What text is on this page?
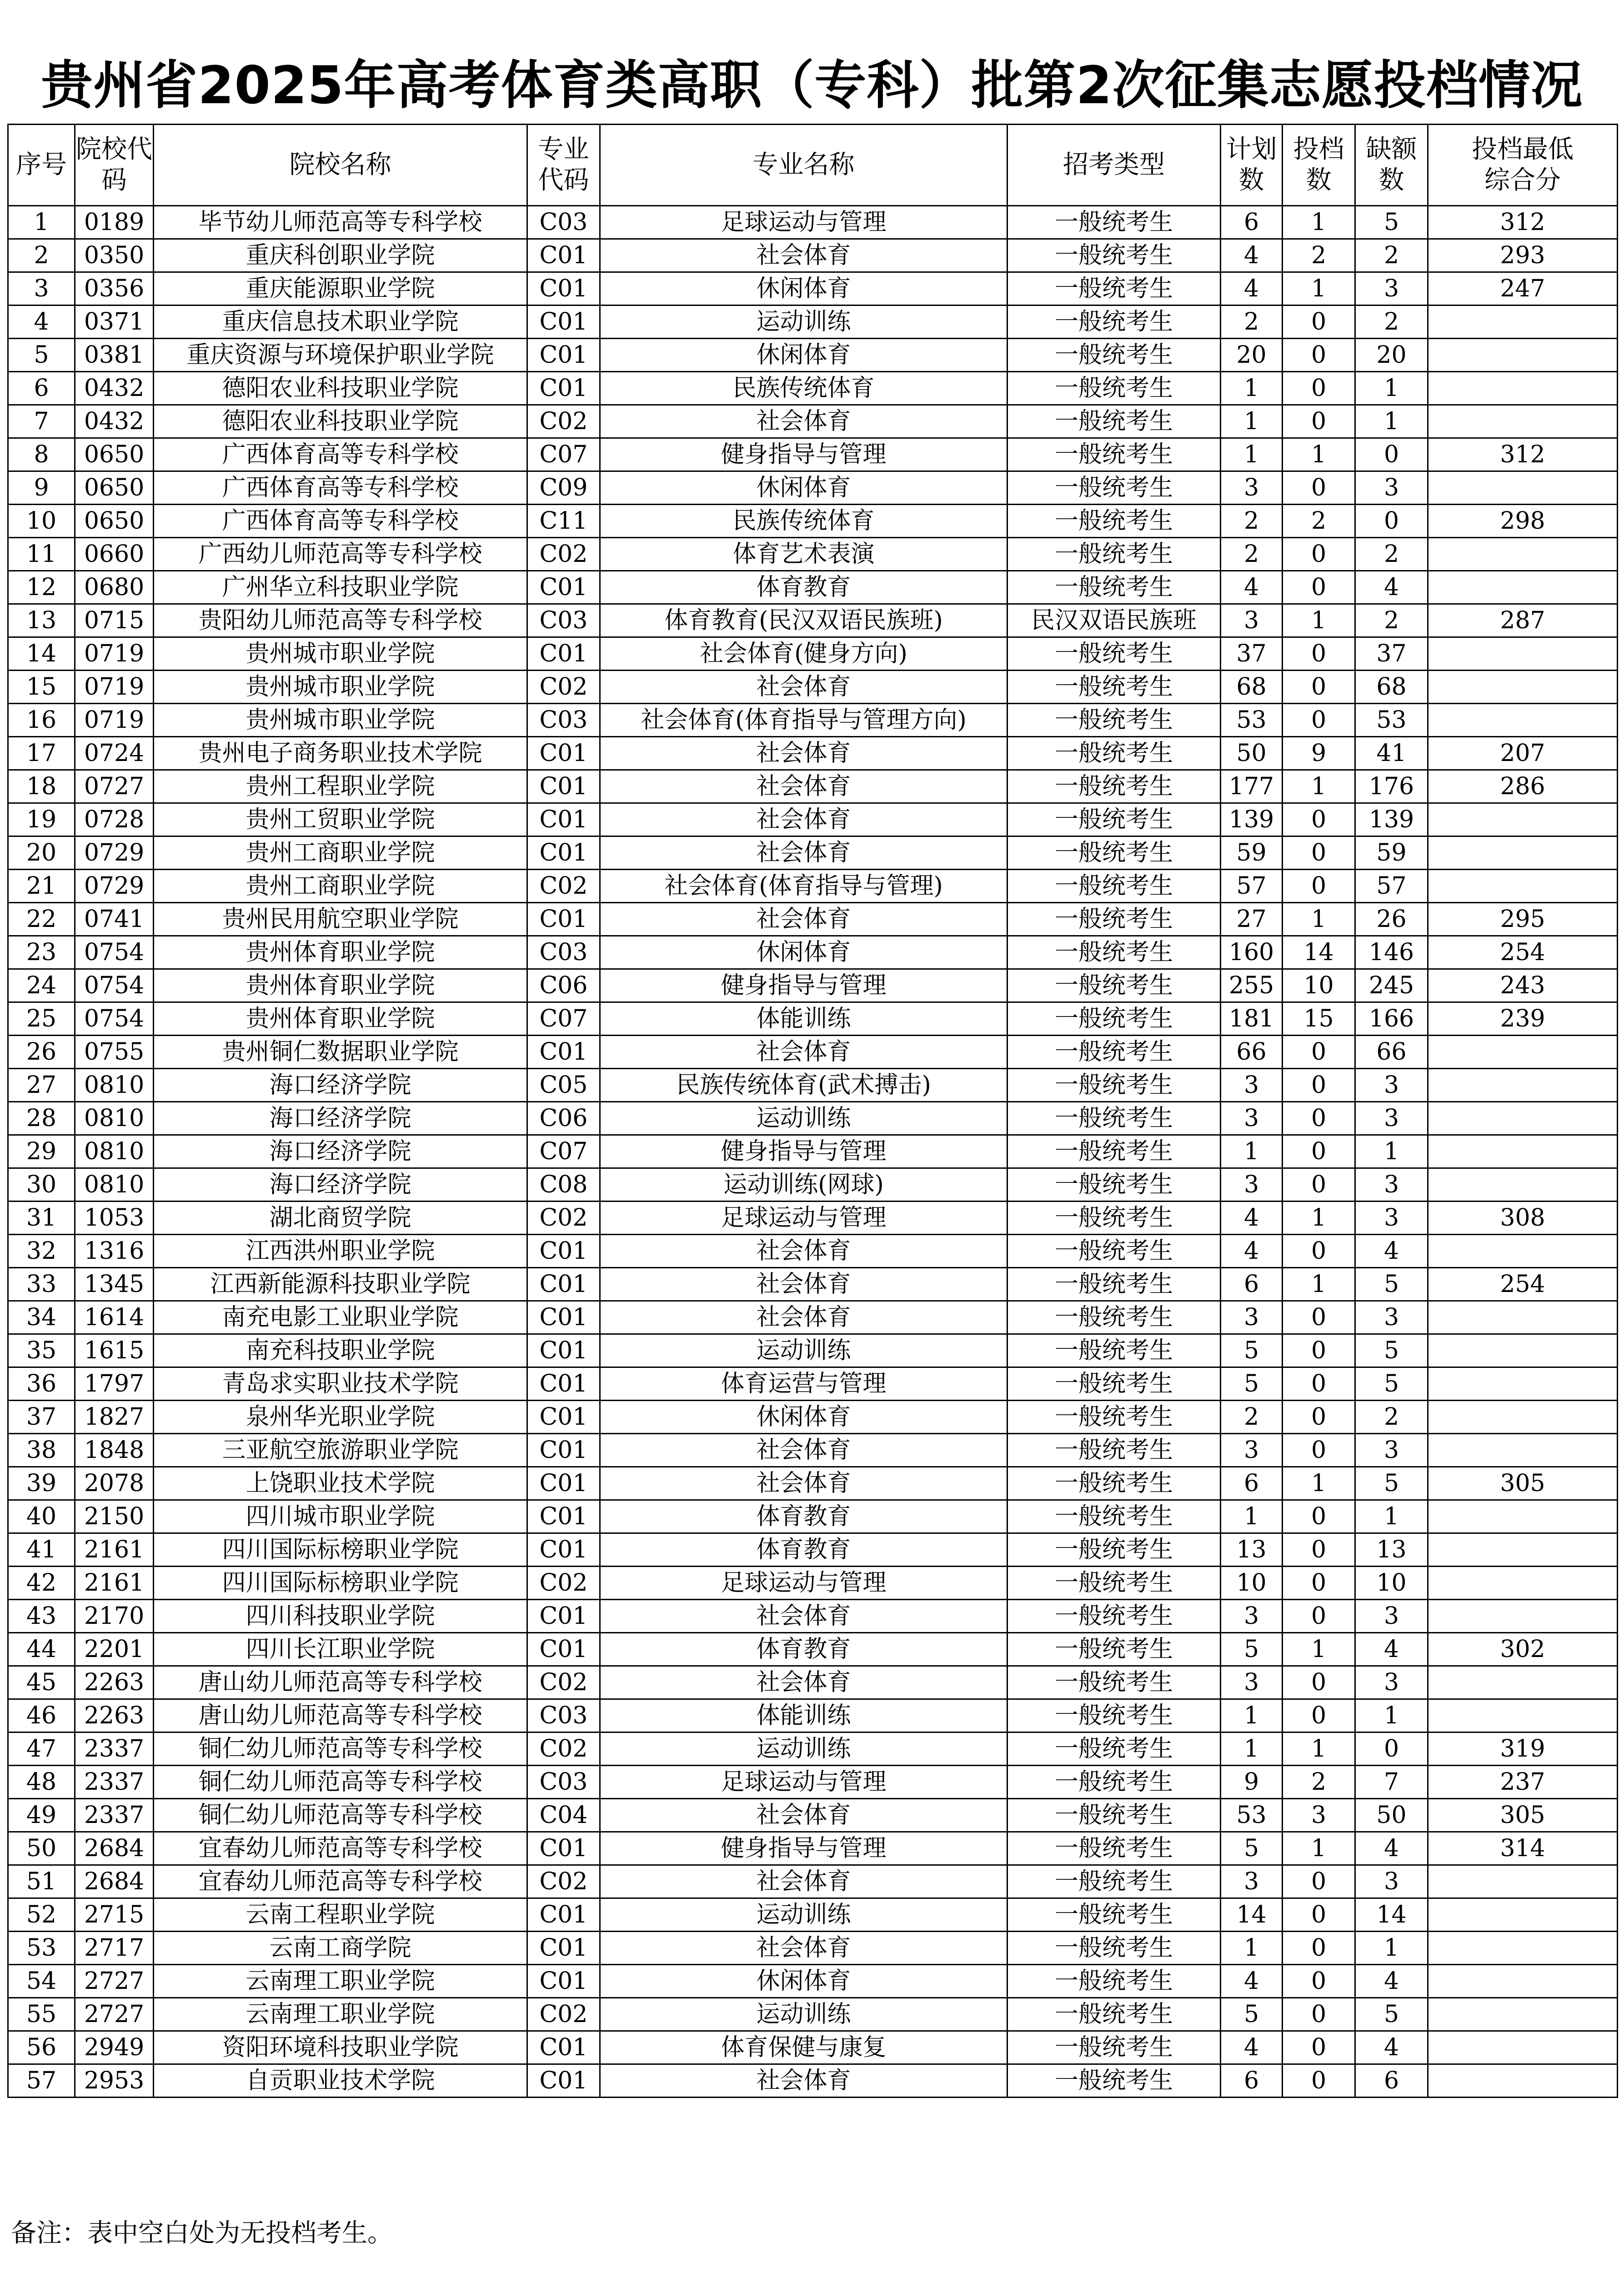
贵州省2025年高考体育类高职（专科）批第2次征集志愿投档情况
序号	院校代码	院校名称	专业代码	专业名称	招考类型	计划数	投档数	缺额数	投档最低综合分

1	0189	毕节幼儿师范高等专科学校	C03	足球运动与管理	一般统考生	6	1	5	312
2	0350	重庆科创职业学院	C01	社会体育	一般统考生	4	2	2	293
3	0356	重庆能源职业学院	C01	休闲体育	一般统考生	4	1	3	247
4	0371	重庆信息技术职业学院	C01	运动训练	一般统考生	2	0	2	
5	0381	重庆资源与环境保护职业学院	C01	休闲体育	一般统考生	20	0	20	
6	0432	德阳农业科技职业学院	C01	民族传统体育	一般统考生	1	0	1	
7	0432	德阳农业科技职业学院	C02	社会体育	一般统考生	1	0	1	
8	0650	广西体育高等专科学校	C07	健身指导与管理	一般统考生	1	1	0	312
9	0650	广西体育高等专科学校	C09	休闲体育	一般统考生	3	0	3	
10	0650	广西体育高等专科学校	C11	民族传统体育	一般统考生	2	2	0	298
11	0660	广西幼儿师范高等专科学校	C02	体育艺术表演	一般统考生	2	0	2	
12	0680	广州华立科技职业学院	C01	体育教育	一般统考生	4	0	4	
13	0715	贵阳幼儿师范高等专科学校	C03	体育教育(民汉双语民族班)	民汉双语民族班	3	1	2	287
14	0719	贵州城市职业学院	C01	社会体育(健身方向)	一般统考生	37	0	37	
15	0719	贵州城市职业学院	C02	社会体育	一般统考生	68	0	68	
16	0719	贵州城市职业学院	C03	社会体育(体育指导与管理方向)	一般统考生	53	0	53	
17	0724	贵州电子商务职业技术学院	C01	社会体育	一般统考生	50	9	41	207
18	0727	贵州工程职业学院	C01	社会体育	一般统考生	177	1	176	286
19	0728	贵州工贸职业学院	C01	社会体育	一般统考生	139	0	139	
20	0729	贵州工商职业学院	C01	社会体育	一般统考生	59	0	59	
21	0729	贵州工商职业学院	C02	社会体育(体育指导与管理)	一般统考生	57	0	57	
22	0741	贵州民用航空职业学院	C01	社会体育	一般统考生	27	1	26	295
23	0754	贵州体育职业学院	C03	休闲体育	一般统考生	160	14	146	254
24	0754	贵州体育职业学院	C06	健身指导与管理	一般统考生	255	10	245	243
25	0754	贵州体育职业学院	C07	体能训练	一般统考生	181	15	166	239
26	0755	贵州铜仁数据职业学院	C01	社会体育	一般统考生	66	0	66	
27	0810	海口经济学院	C05	民族传统体育(武术搏击)	一般统考生	3	0	3	
28	0810	海口经济学院	C06	运动训练	一般统考生	3	0	3	
29	0810	海口经济学院	C07	健身指导与管理	一般统考生	1	0	1	
30	0810	海口经济学院	C08	运动训练(网球)	一般统考生	3	0	3	
31	1053	湖北商贸学院	C02	足球运动与管理	一般统考生	4	1	3	308
32	1316	江西洪州职业学院	C01	社会体育	一般统考生	4	0	4	
33	1345	江西新能源科技职业学院	C01	社会体育	一般统考生	6	1	5	254
34	1614	南充电影工业职业学院	C01	社会体育	一般统考生	3	0	3	
35	1615	南充科技职业学院	C01	运动训练	一般统考生	5	0	5	
36	1797	青岛求实职业技术学院	C01	体育运营与管理	一般统考生	5	0	5	
37	1827	泉州华光职业学院	C01	休闲体育	一般统考生	2	0	2	
38	1848	三亚航空旅游职业学院	C01	社会体育	一般统考生	3	0	3	
39	2078	上饶职业技术学院	C01	社会体育	一般统考生	6	1	5	305
40	2150	四川城市职业学院	C01	体育教育	一般统考生	1	0	1	
41	2161	四川国际标榜职业学院	C01	体育教育	一般统考生	13	0	13	
42	2161	四川国际标榜职业学院	C02	足球运动与管理	一般统考生	10	0	10	
43	2170	四川科技职业学院	C01	社会体育	一般统考生	3	0	3	
44	2201	四川长江职业学院	C01	体育教育	一般统考生	5	1	4	302
45	2263	唐山幼儿师范高等专科学校	C02	社会体育	一般统考生	3	0	3	
46	2263	唐山幼儿师范高等专科学校	C03	体能训练	一般统考生	1	0	1	
47	2337	铜仁幼儿师范高等专科学校	C02	运动训练	一般统考生	1	1	0	319
48	2337	铜仁幼儿师范高等专科学校	C03	足球运动与管理	一般统考生	9	2	7	237
49	2337	铜仁幼儿师范高等专科学校	C04	社会体育	一般统考生	53	3	50	305
50	2684	宜春幼儿师范高等专科学校	C01	健身指导与管理	一般统考生	5	1	4	314
51	2684	宜春幼儿师范高等专科学校	C02	社会体育	一般统考生	3	0	3	
52	2715	云南工程职业学院	C01	运动训练	一般统考生	14	0	14	
53	2717	云南工商学院	C01	社会体育	一般统考生	1	0	1	
54	2727	云南理工职业学院	C01	休闲体育	一般统考生	4	0	4	
55	2727	云南理工职业学院	C02	运动训练	一般统考生	5	0	5	
56	2949	资阳环境科技职业学院	C01	体育保健与康复	一般统考生	4	0	4	
57	2953	自贡职业技术学院	C01	社会体育	一般统考生	6	0	6	
备注：表中空白处为无投档考生。
